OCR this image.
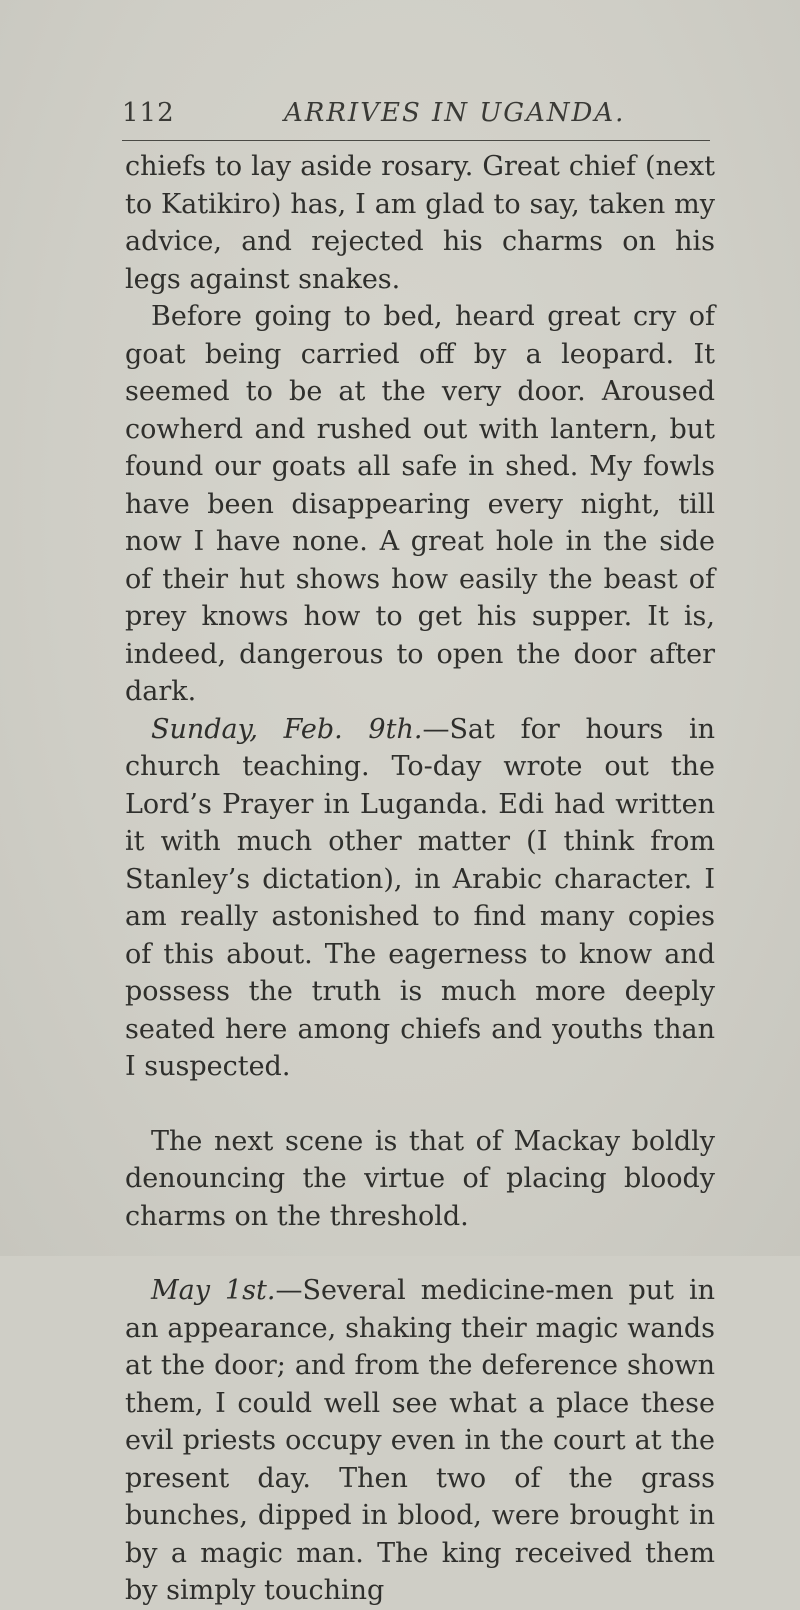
112	ARRIVES IN UGANDA.

chiefs to lay aside rosary. Great chief (next to Katikiro) has, I am glad to say, taken my advice, and rejected his charms on his legs against snakes.

Before going to bed, heard great cry of goat being carried off by a leopard. It seemed to be at the very door. Aroused cowherd and rushed out with lantern, but found our goats all safe in shed. My fowls have been disappearing every night, till now I have none. A great hole in the side of their hut shows how easily the beast of prey knows how to get his supper. It is, indeed, dangerous to open the door after dark.

Sunday, Feb. 9th.—Sat for hours in church teaching. To-day wrote out the Lord’s Prayer in Luganda. Edi had written it with much other matter (I think from Stanley’s dictation), in Arabic character. I am really astonished to find many copies of this about. The eagerness to know and possess the truth is much more deeply seated here among chiefs and youths than I suspected.

The next scene is that of Mackay boldly denouncing the virtue of placing bloody charms on the threshold.

May 1st.—Several medicine-men put in an appearance, shaking their magic wands at the door; and from the deference shown them, I could well see what a place these evil priests occupy even in the court at the present day. Then two of the grass bunches, dipped in blood, were brought in by a magic man. The king received them by simply touching
